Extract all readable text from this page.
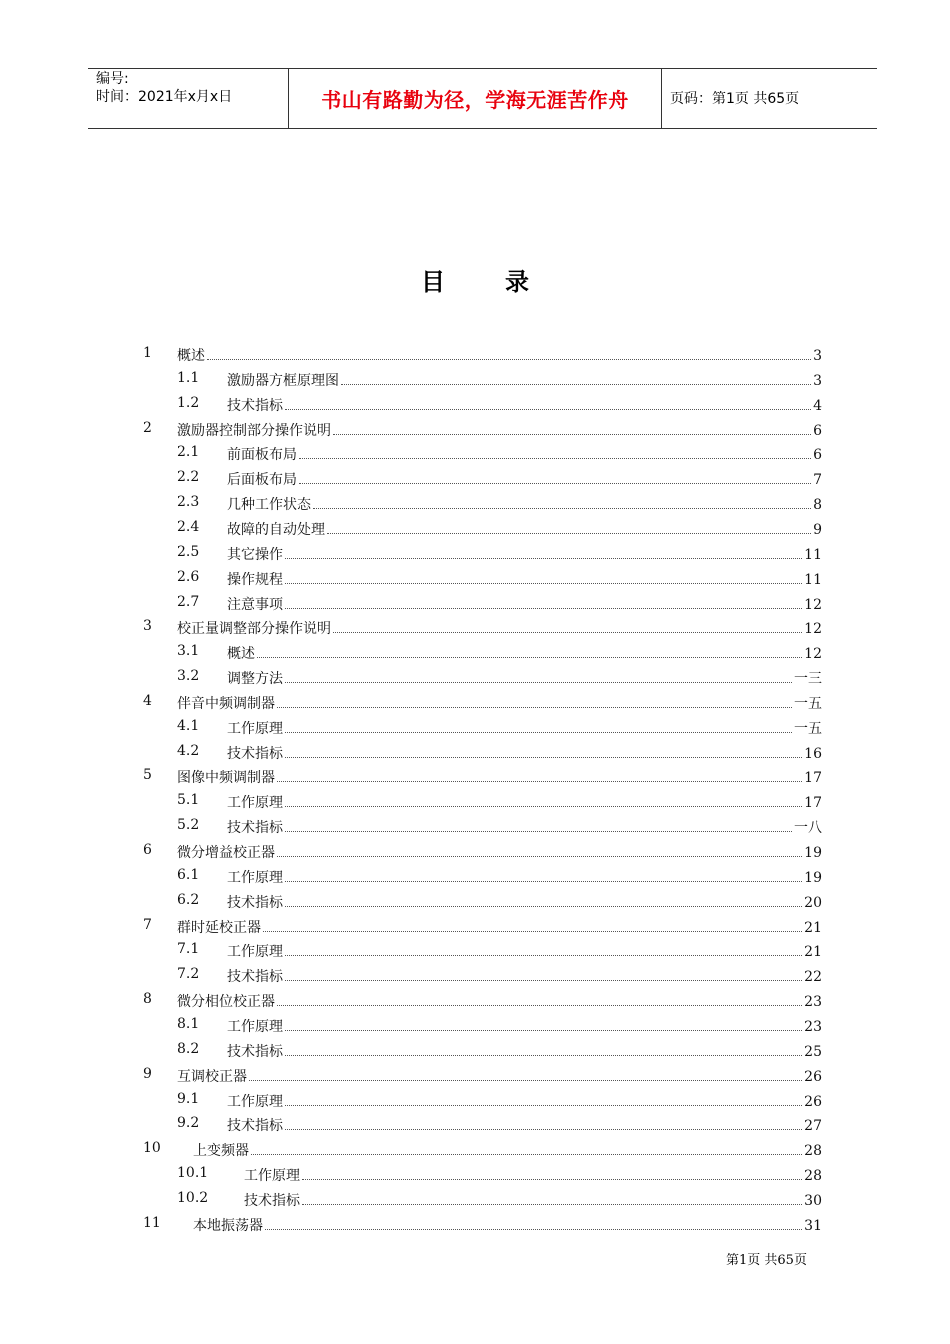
编号:
时间：2021年x月x日	书山有路勤为径，学海无涯苦作舟	页码：第1页 共65页
目录
1 概述	3
1.1 激励器方框原理图	3
1.2 技术指标	4
2 激励器控制部分操作说明	6
2.1 前面板布局	6
2.2 后面板布局	7
2.3 几种工作状态	8
2.4 故障的自动处理	9
2.5 其它操作	11
2.6 操作规程	11
2.7 注意事项	12
3 校正量调整部分操作说明	12
3.1 概述	12
3.2 调整方法	一三
4 伴音中频调制器	一五
4.1 工作原理	一五
4.2 技术指标	16
5 图像中频调制器	17
5.1 工作原理	17
5.2 技术指标	一八
6 微分增益校正器	19
6.1 工作原理	19
6.2 技术指标	20
7 群时延校正器	21
7.1 工作原理	21
7.2 技术指标	22
8 微分相位校正器	23
8.1 工作原理	23
8.2 技术指标	25
9 互调校正器	26
9.1 工作原理	26
9.2 技术指标	27
10 上变频器	28
10.1	工作原理	28
10.2	技术指标	30
11 本地振荡器	31
第1页 共65页
